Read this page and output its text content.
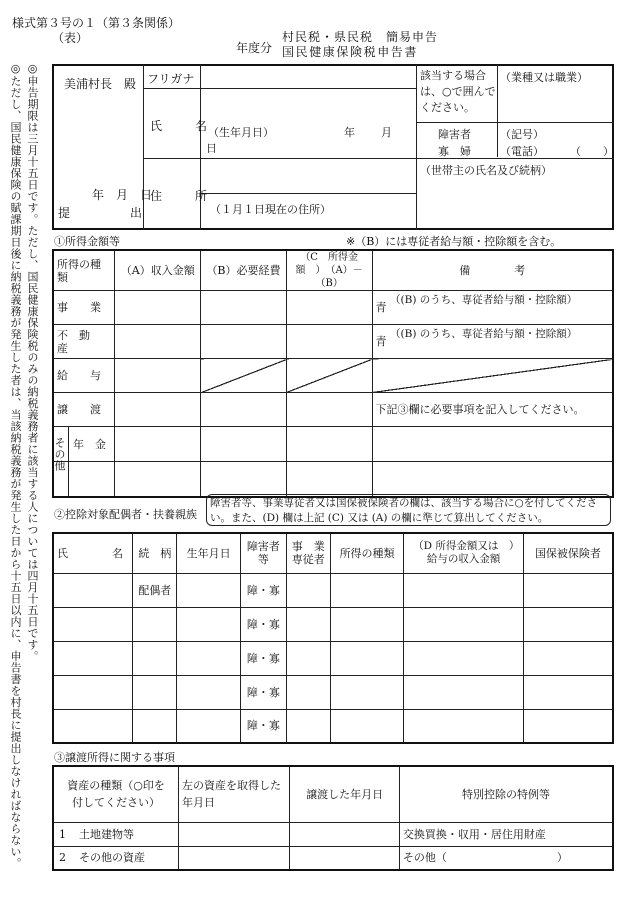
様式第３号の１（第３条関係）
（表）
年度分
村民税・県民税　簡易申告
国民健康保険税申告書
◎申告期限は三月十五日です。ただし、国民健康保険税のみの納税義務者に該当する人については四月十五日です。
◎ただし、国民健康保険の賦課期日後に納税義務が発生した者は、当該納税義務が発生した日から十五日以内に、申告書を村長に提出しなければならない。	美浦村長　殿
年　月　日
提　　　　　出
フリガナ
氏　　名
（生年月日）	年 月
日
住　　所
（１月１日現在の住所）
該当する場合は、○で囲んでください。
（業種又は職業）
障害者
寡　婦
（記号）
（電話） （　　）
（世帯主の氏名及び続柄）
①所得金額等	※（B）には専従者給与額・控除額を含む。
所得の種類	（A）収入金額	（B）必要経費	（C　所得金額　）　（A）－（B）	備　　　　考
事　　業				青 （(B) のうち、専従者給与額・控除額）
不　動　産				青 （(B) のうち、専従者給与額・控除額）
給　　与				
譲　　渡				下記③欄に必要事項を記入してください。

年　金				

その他
②控除対象配偶者・扶養親族
障害者等、事業専従者又は国保被保険者の欄は、該当する場合に○を付してください。また、(D) 欄は上記 (C) 又は (A) の欄に準じて算出してください。
氏　　　　名	続　柄	生年月日	障害者等	事　業専従者	所得の種類	（D 所得金額又は　）　給与の収入金額	国保被保険者
	配偶者		障・寡				
			障・寡				
			障・寡				
			障・寡				
			障・寡				
③譲渡所得に関する事項
資産の種類（○印を付してください）	左の資産を取得した年月日	譲渡した年月日	特別控除の特例等
1 土地建物等			交換買換・収用・居住用財産
2 その他の資産			その他（　　　　　　　　　　）
